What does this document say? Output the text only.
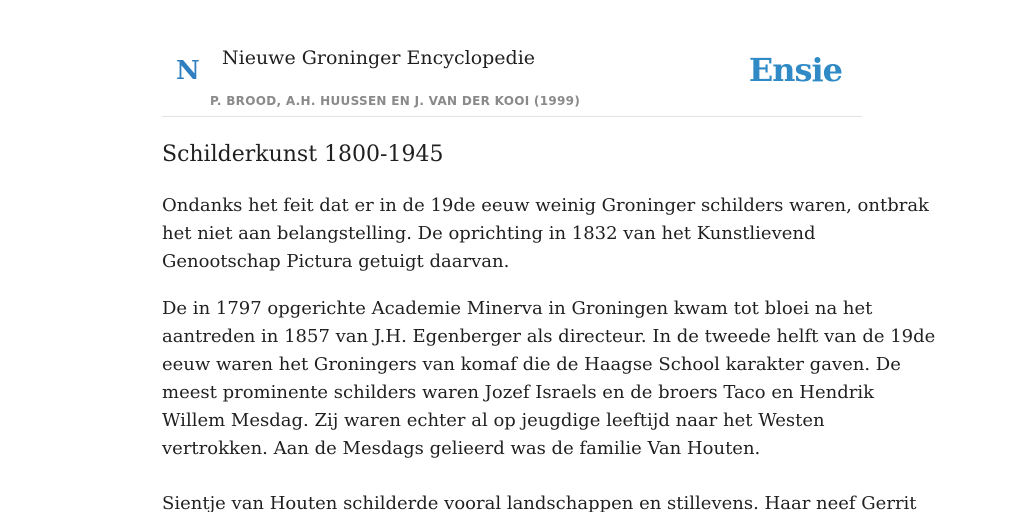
N Nieuwe Groninger Encyclopedie
P. BROOD, A.H. HUUSSEN EN J. VAN DER KOOI (1999)
Ensie
Schilderkunst 1800-1945

Ondanks het feit dat er in de 19de eeuw weinig Groninger schilders waren, ontbrak
het niet aan belangstelling. De oprichting in 1832 van het Kunstlievend
Genootschap Pictura getuigt daarvan.

De in 1797 opgerichte Academie Minerva in Groningen kwam tot bloei na het
aantreden in 1857 van J.H. Egenberger als directeur. In de tweede helft van de 19de
eeuw waren het Groningers van komaf die de Haagse School karakter gaven. De
meest prominente schilders waren Jozef Israels en de broers Taco en Hendrik
Willem Mesdag. Zij waren echter al op jeugdige leeftijd naar het Westen
vertrokken. Aan de Mesdags gelieerd was de familie Van Houten.

Sientje van Houten schilderde vooral landschappen en stillevens. Haar neef Gerrit
